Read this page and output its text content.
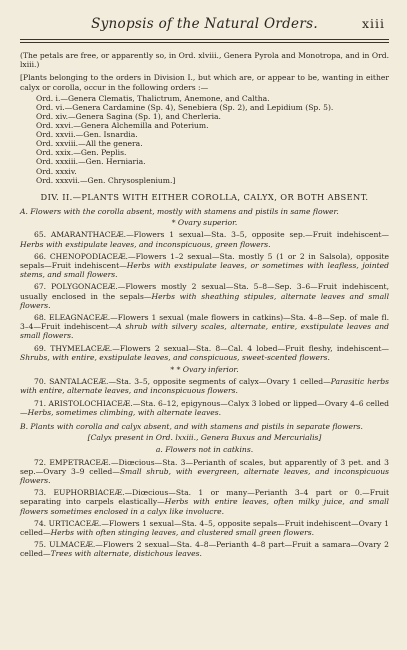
Synopsis of the Natural Orders.	xiii

(The petals are free, or apparently so, in Ord. xlviii., Genera Pyrola and Monotropa, and in Ord. lxiii.)

[Plants belonging to the orders in Division I., but which are, or appear to be, wanting in either calyx or corolla, occur in the following orders :—

Ord. i.—Genera Clematis, Thalictrum, Anemone, and Caltha.
Ord. vi.—Genera Cardamine (Sp. 4), Senebiera (Sp. 2), and Lepidium (Sp. 5).
Ord. xiv.—Genera Sagina (Sp. 1), and Cherleria.
Ord. xxvi.—Genera Alchemilla and Poterium.
Ord. xxvii.—Gen. Isnardia.
Ord. xxviii.—All the genera.
Ord. xxix.—Gen. Peplis.
Ord. xxxiii.—Gen. Herniaria.
Ord. xxxiv.
Ord. xxxvii.—Gen. Chrysosplenium.]
DIV. II.—PLANTS WITH EITHER COROLLA, CALYX, OR BOTH ABSENT.

A. Flowers with the corolla absent, mostly with stamens and pistils in same flower.

* Ovary superior.

65. AMARANTHACEÆ.—Flowers 1 sexual—Sta. 3–5, opposite sep.—Fruit indehiscent—Herbs with exstipulate leaves, and inconspicuous, green flowers.

66. CHENOPODIACEÆ.—Flowers 1–2 sexual—Sta. mostly 5 (1 or 2 in Salsola), opposite sepals—Fruit indehiscent—Herbs with exstipulate leaves, or sometimes with leafless, jointed stems, and small flowers.

67. POLYGONACEÆ.—Flowers mostly 2 sexual—Sta. 5–8—Sep. 3–6—Fruit indehiscent, usually enclosed in the sepals—Herbs with sheathing stipules, alternate leaves and small flowers.

68. ELEAGNACEÆ.—Flowers 1 sexual (male flowers in catkins)—Sta. 4–8—Sep. of male fl. 3–4—Fruit indehiscent—A shrub with silvery scales, alternate, entire, exstipulate leaves and small flowers.

69. THYMELACEÆ.—Flowers 2 sexual—Sta. 8—Cal. 4 lobed—Fruit fleshy, indehiscent—Shrubs, with entire, exstipulate leaves, and conspicuous, sweet-scented flowers.

* * Ovary inferior.

70. SANTALACEÆ.—Sta. 3–5, opposite segments of calyx—Ovary 1 celled—Parasitic herbs with entire, alternate leaves, and inconspicuous flowers.

71. ARISTOLOCHIACEÆ.—Sta. 6–12, epigynous—Calyx 3 lobed or lipped—Ovary 4–6 celled—Herbs, sometimes climbing, with alternate leaves.

B. Plants with corolla and calyx absent, and with stamens and pistils in separate flowers.

[Calyx present in Ord. lxxiii., Genera Buxus and Mercurialis]

a. Flowers not in catkins.

72. EMPETRACEÆ.—Diœcious—Sta. 3—Perianth of scales, but apparently of 3 pet. and 3 sep.—Ovary 3–9 celled—Small shrub, with evergreen, alternate leaves, and inconspicuous flowers.

73. EUPHORBIACEÆ.—Diœcious—Sta. 1 or many—Perianth 3–4 part or 0.—Fruit separating into carpels elastically—Herbs with entire leaves, often milky juice, and small flowers sometimes enclosed in a calyx like involucre.

74. URTICACEÆ.—Flowers 1 sexual—Sta. 4–5, opposite sepals—Fruit indehiscent—Ovary 1 celled—Herbs with often stinging leaves, and clustered small green flowers.

75. ULMACEÆ.—Flowers 2 sexual—Sta. 4–8—Perianth 4–8 part—Fruit a samara—Ovary 2 celled—Trees with alternate, distichous leaves.
